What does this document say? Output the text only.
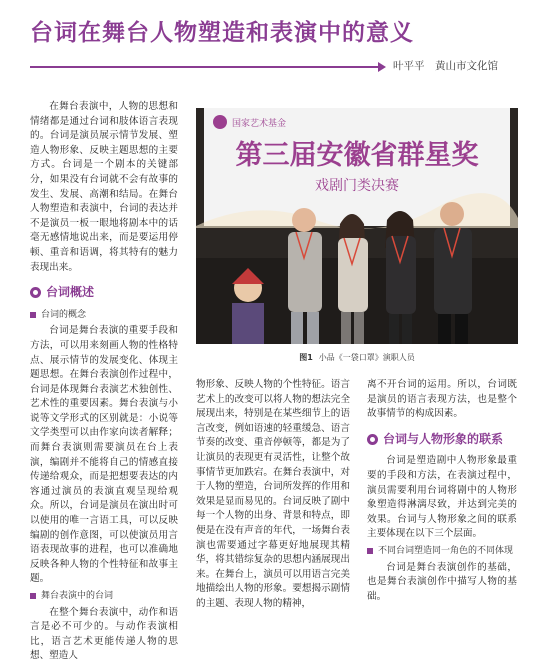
台词在舞台人物塑造和表演中的意义
叶平平　黄山市文化馆

在舞台表演中，人物的思想和情绪都是通过台词和肢体语言表现的。台词是演员展示情节发展、塑造人物形象、反映主题思想的主要方式。台词是一个剧本的关键部分，如果没有台词就不会有故事的发生、发展、高潮和结局。在舞台人物塑造和表演中，台词的表达并不是演员一板一眼地将剧本中的话毫无感情地说出来，而是要运用停顿、重音和语调，将其特有的魅力表现出来。

台词概述
台词的概念

台词是舞台表演的重要手段和方法，可以用来刻画人物的性格特点、展示情节的发展变化、体现主题思想。在舞台表演创作过程中，台词是体现舞台表演艺术独创性、艺术性的重要因素。舞台表演与小说等文学形式的区别就是：小说等文学类型可以由作家向读者解释；而舞台表演则需要演员在台上表演，编剧并不能将自己的情感直接传递给观众，而是把想要表达的内容通过演员的表演直观呈现给观众。所以，台词是演员在演出时可以使用的唯一言语工具，可以反映编剧的创作意图，可以使演员用言语表现故事的进程，也可以准确地反映各种人物的个性特征和故事主题。

舞台表演中的台词

在整个舞台表演中，动作和语言是必不可少的。与动作表演相比，语言艺术更能传递人物的思想、塑造人

国家艺术基金
第三届安徽省群星奖
戏剧门类决赛
图1 小品《一袋口罩》演职人员

物形象、反映人物的个性特征。语言艺术上的改变可以将人物的想法完全展现出来，特别是在某些细节上的语言改变，例如语速的轻重缓急、语言节奏的改变、重音停顿等，都是为了让演员的表现更有灵活性，让整个故事情节更加跌宕。在舞台表演中，对于人物的塑造，台词所发挥的作用和效果是显而易见的。台词反映了剧中每一个人物的出身、背景和特点，即便是在没有声音的年代，一场舞台表演也需要通过字幕更好地展现其精华，将其错综复杂的思想内涵展现出来。在舞台上，演员可以用语言完美地描绘出人物的形象。要想揭示剧情的主题、表现人物的精神，

离不开台词的运用。所以，台词既是演员的语言表现方法，也是整个故事情节的构成因素。

台词与人物形象的联系

台词是塑造剧中人物形象最重要的手段和方法，在表演过程中，演员需要利用台词将剧中的人物形象塑造得淋漓尽致，并达到完美的效果。台词与人物形象之间的联系主要体现在以下三个层面。

不同台词塑造同一角色的不同体现

台词是舞台表演创作的基础，也是舞台表演创作中描写人物的基础。
